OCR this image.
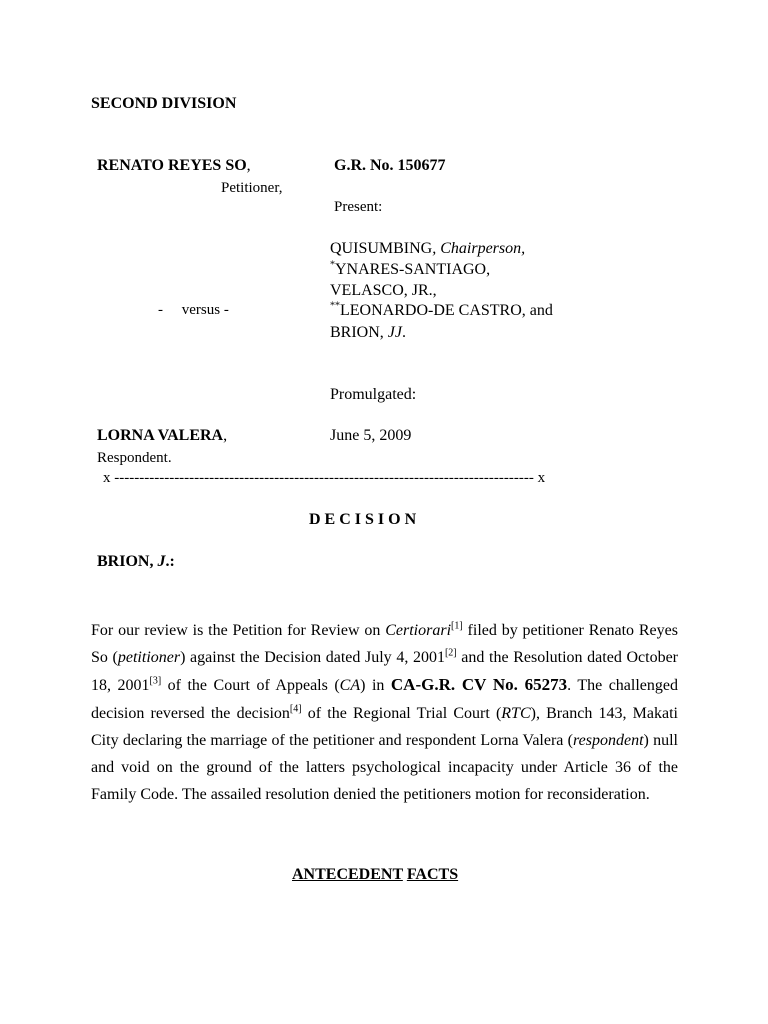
SECOND DIVISION
RENATO REYES SO,
Petitioner,
-     versus -
LORNA VALERA,
Respondent.
G.R. No. 150677
Present:
QUISUMBING, Chairperson,
*YNARES-SANTIAGO,
VELASCO, JR.,
**LEONARDO-DE CASTRO, and
BRION, JJ.
Promulgated:
June 5, 2009
x ------------------------------------------------------------------------------------ x
D E C I S I O N
BRION, J.:
For our review is the Petition for Review on Certiorari[1] filed by petitioner Renato Reyes So (petitioner) against the Decision dated July 4, 2001[2] and the Resolution dated October 18, 2001[3] of the Court of Appeals (CA) in CA-G.R. CV No. 65273. The challenged decision reversed the decision[4] of the Regional Trial Court (RTC), Branch 143, Makati City declaring the marriage of the petitioner and respondent Lorna Valera (respondent) null and void on the ground of the latters psychological incapacity under Article 36 of the Family Code. The assailed resolution denied the petitioners motion for reconsideration.
ANTECEDENT FACTS
